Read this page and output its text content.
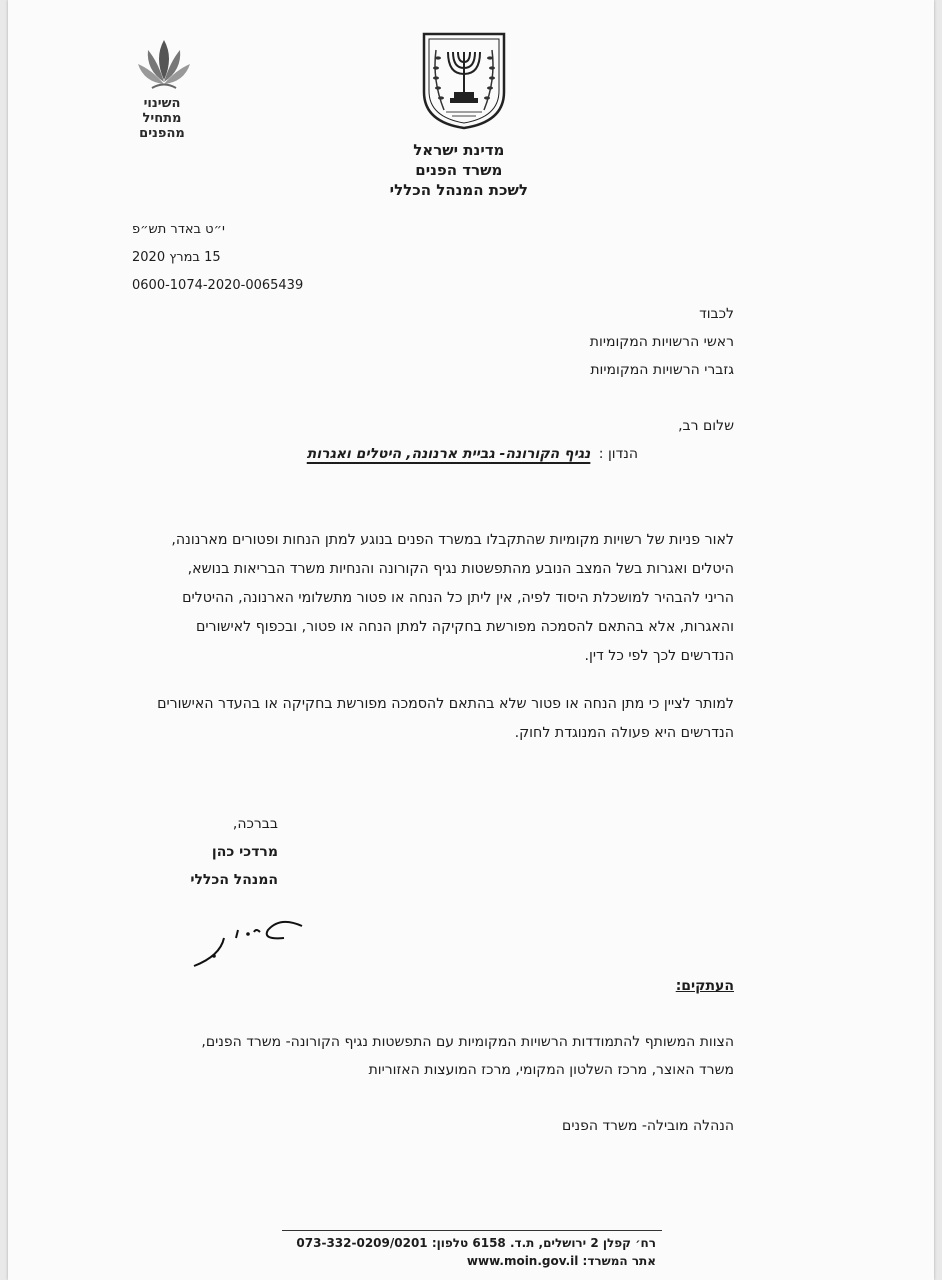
מדינת ישראל
משרד הפנים
לשכת המנהל הכללי
השינוי
מתחיל
מהפנים
י״ט באדר תש״פ
15 במרץ 2020
0600-1074-2020-0065439
לכבוד
ראשי הרשויות המקומיות
גזברי הרשויות המקומיות
שלום רב,
הנדון : נגיף הקורונה- גביית ארנונה, היטלים ואגרות
לאור פניות של רשויות מקומיות שהתקבלו במשרד הפנים בנוגע למתן הנחות ופטורים מארנונה,
היטלים ואגרות בשל המצב הנובע מהתפשטות נגיף הקורונה והנחיות משרד הבריאות בנושא,
הריני להבהיר למושכלת היסוד לפיה, אין ליתן כל הנחה או פטור מתשלומי הארנונה, ההיטלים
והאגרות, אלא בהתאם להסמכה מפורשת בחקיקה למתן הנחה או פטור, ובכפוף לאישורים
הנדרשים לכך לפי כל דין.
למותר לציין כי מתן הנחה או פטור שלא בהתאם להסמכה מפורשת בחקיקה או בהעדר האישורים
הנדרשים היא פעולה המנוגדת לחוק.
בברכה,
מרדכי כהן
המנהל הכללי
העתקים:
הצוות המשותף להתמודדות הרשויות המקומיות עם התפשטות נגיף הקורונה- משרד הפנים,
משרד האוצר, מרכז השלטון המקומי, מרכז המועצות האזוריות
הנהלה מובילה- משרד הפנים
רח׳ קפלן 2 ירושלים, ת.ד. 6158 טלפון: 073-332-0209/0201
אתר המשרד: www.moin.gov.il
